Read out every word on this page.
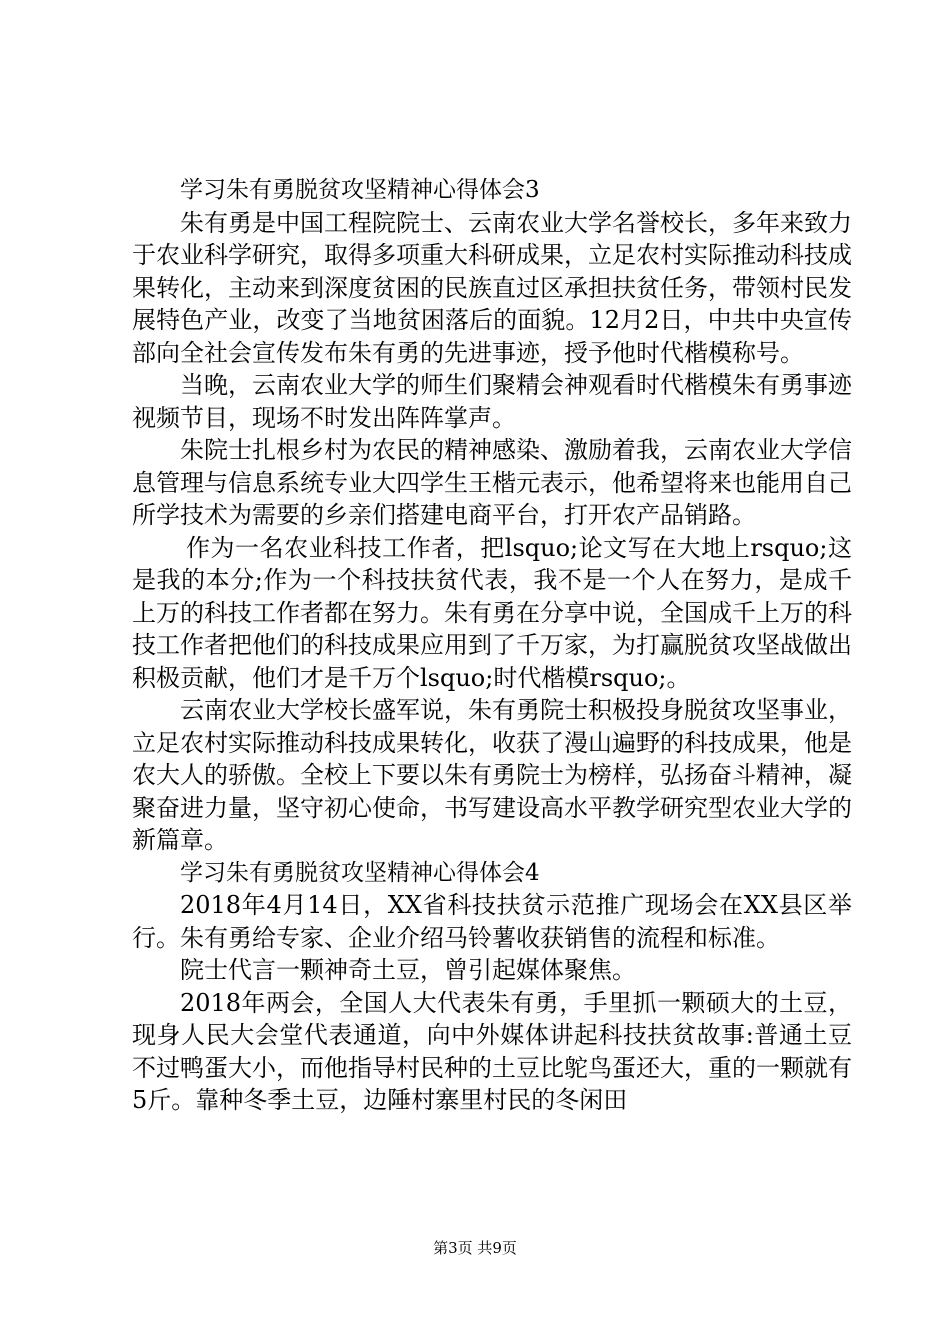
学习朱有勇脱贫攻坚精神心得体会3

朱有勇是中国工程院院士、云南农业大学名誉校长，多年来致力于农业科学研究，取得多项重大科研成果，立足农村实际推动科技成果转化，主动来到深度贫困的民族直过区承担扶贫任务，带领村民发展特色产业，改变了当地贫困落后的面貌。12月2日，中共中央宣传部向全社会宣传发布朱有勇的先进事迹，授予他时代楷模称号。

当晚，云南农业大学的师生们聚精会神观看时代楷模朱有勇事迹视频节目，现场不时发出阵阵掌声。

朱院士扎根乡村为农民的精神感染、激励着我，云南农业大学信息管理与信息系统专业大四学生王楷元表示，他希望将来也能用自己所学技术为需要的乡亲们搭建电商平台，打开农产品销路。

作为一名农业科技工作者，把lsquo;论文写在大地上rsquo;这是我的本分;作为一个科技扶贫代表，我不是一个人在努力，是成千上万的科技工作者都在努力。朱有勇在分享中说，全国成千上万的科技工作者把他们的科技成果应用到了千万家，为打赢脱贫攻坚战做出积极贡献，他们才是千万个lsquo;时代楷模rsquo;。

云南农业大学校长盛军说，朱有勇院士积极投身脱贫攻坚事业，立足农村实际推动科技成果转化，收获了漫山遍野的科技成果，他是农大人的骄傲。全校上下要以朱有勇院士为榜样，弘扬奋斗精神，凝聚奋进力量，坚守初心使命，书写建设高水平教学研究型农业大学的新篇章。

学习朱有勇脱贫攻坚精神心得体会4

2018年4月14日，XX省科技扶贫示范推广现场会在XX县区举行。朱有勇给专家、企业介绍马铃薯收获销售的流程和标准。

院士代言一颗神奇土豆，曾引起媒体聚焦。

2018年两会，全国人大代表朱有勇，手里抓一颗硕大的土豆，现身人民大会堂代表通道，向中外媒体讲起科技扶贫故事:普通土豆不过鸭蛋大小，而他指导村民种的土豆比鸵鸟蛋还大，重的一颗就有5斤。靠种冬季土豆，边陲村寨里村民的冬闲田

第3页 共9页
